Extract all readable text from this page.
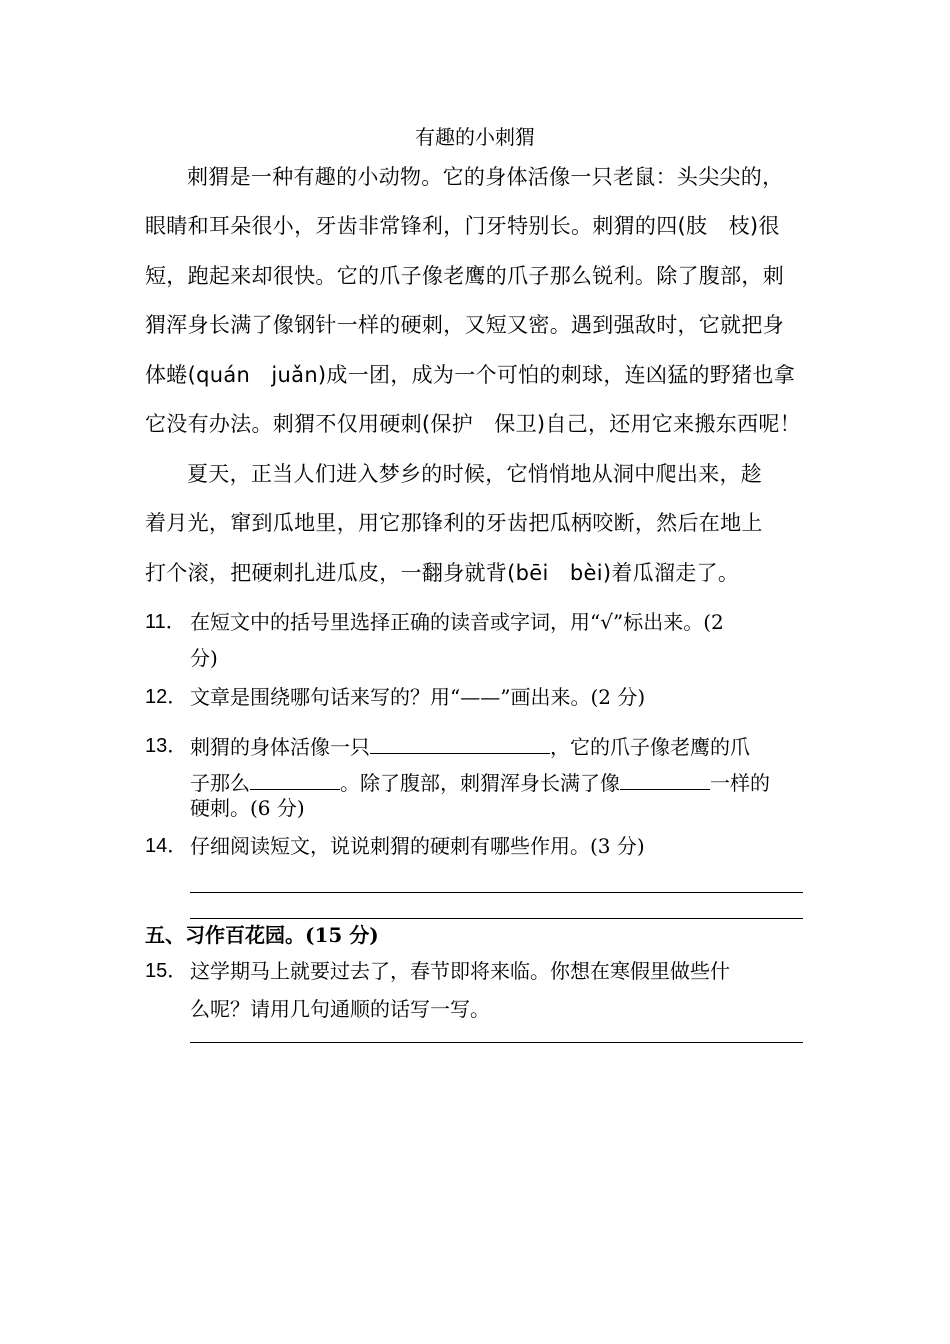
有趣的小刺猬
刺猬是一种有趣的小动物。它的身体活像一只老鼠：头尖尖的，
眼睛和耳朵很小，牙齿非常锋利，门牙特别长。刺猬的四(肢　枝)很
短，跑起来却很快。它的爪子像老鹰的爪子那么锐利。除了腹部，刺
猬浑身长满了像钢针一样的硬刺，又短又密。遇到强敌时，它就把身
体蜷(quán　juǎn)成一团，成为一个可怕的刺球，连凶猛的野猪也拿
它没有办法。刺猬不仅用硬刺(保护　保卫)自己，还用它来搬东西呢！
夏天，正当人们进入梦乡的时候，它悄悄地从洞中爬出来，趁
着月光，窜到瓜地里，用它那锋利的牙齿把瓜柄咬断，然后在地上
打个滚，把硬刺扎进瓜皮，一翻身就背(bēi　bèi)着瓜溜走了。
11． 在短文中的括号里选择正确的读音或字词，用“√”标出来。(2
分)
12． 文章是围绕哪句话来写的？用“——”画出来。(2 分)
13． 刺猬的身体活像一只	，它的爪子像老鹰的爪
子那么	。除了腹部，刺猬浑身长满了像	一样的
硬刺。(6 分)
14． 仔细阅读短文，说说刺猬的硬刺有哪些作用。(3 分)
五、习作百花园。(15 分)
15． 这学期马上就要过去了，春节即将来临。你想在寒假里做些什
么呢？请用几句通顺的话写一写。
